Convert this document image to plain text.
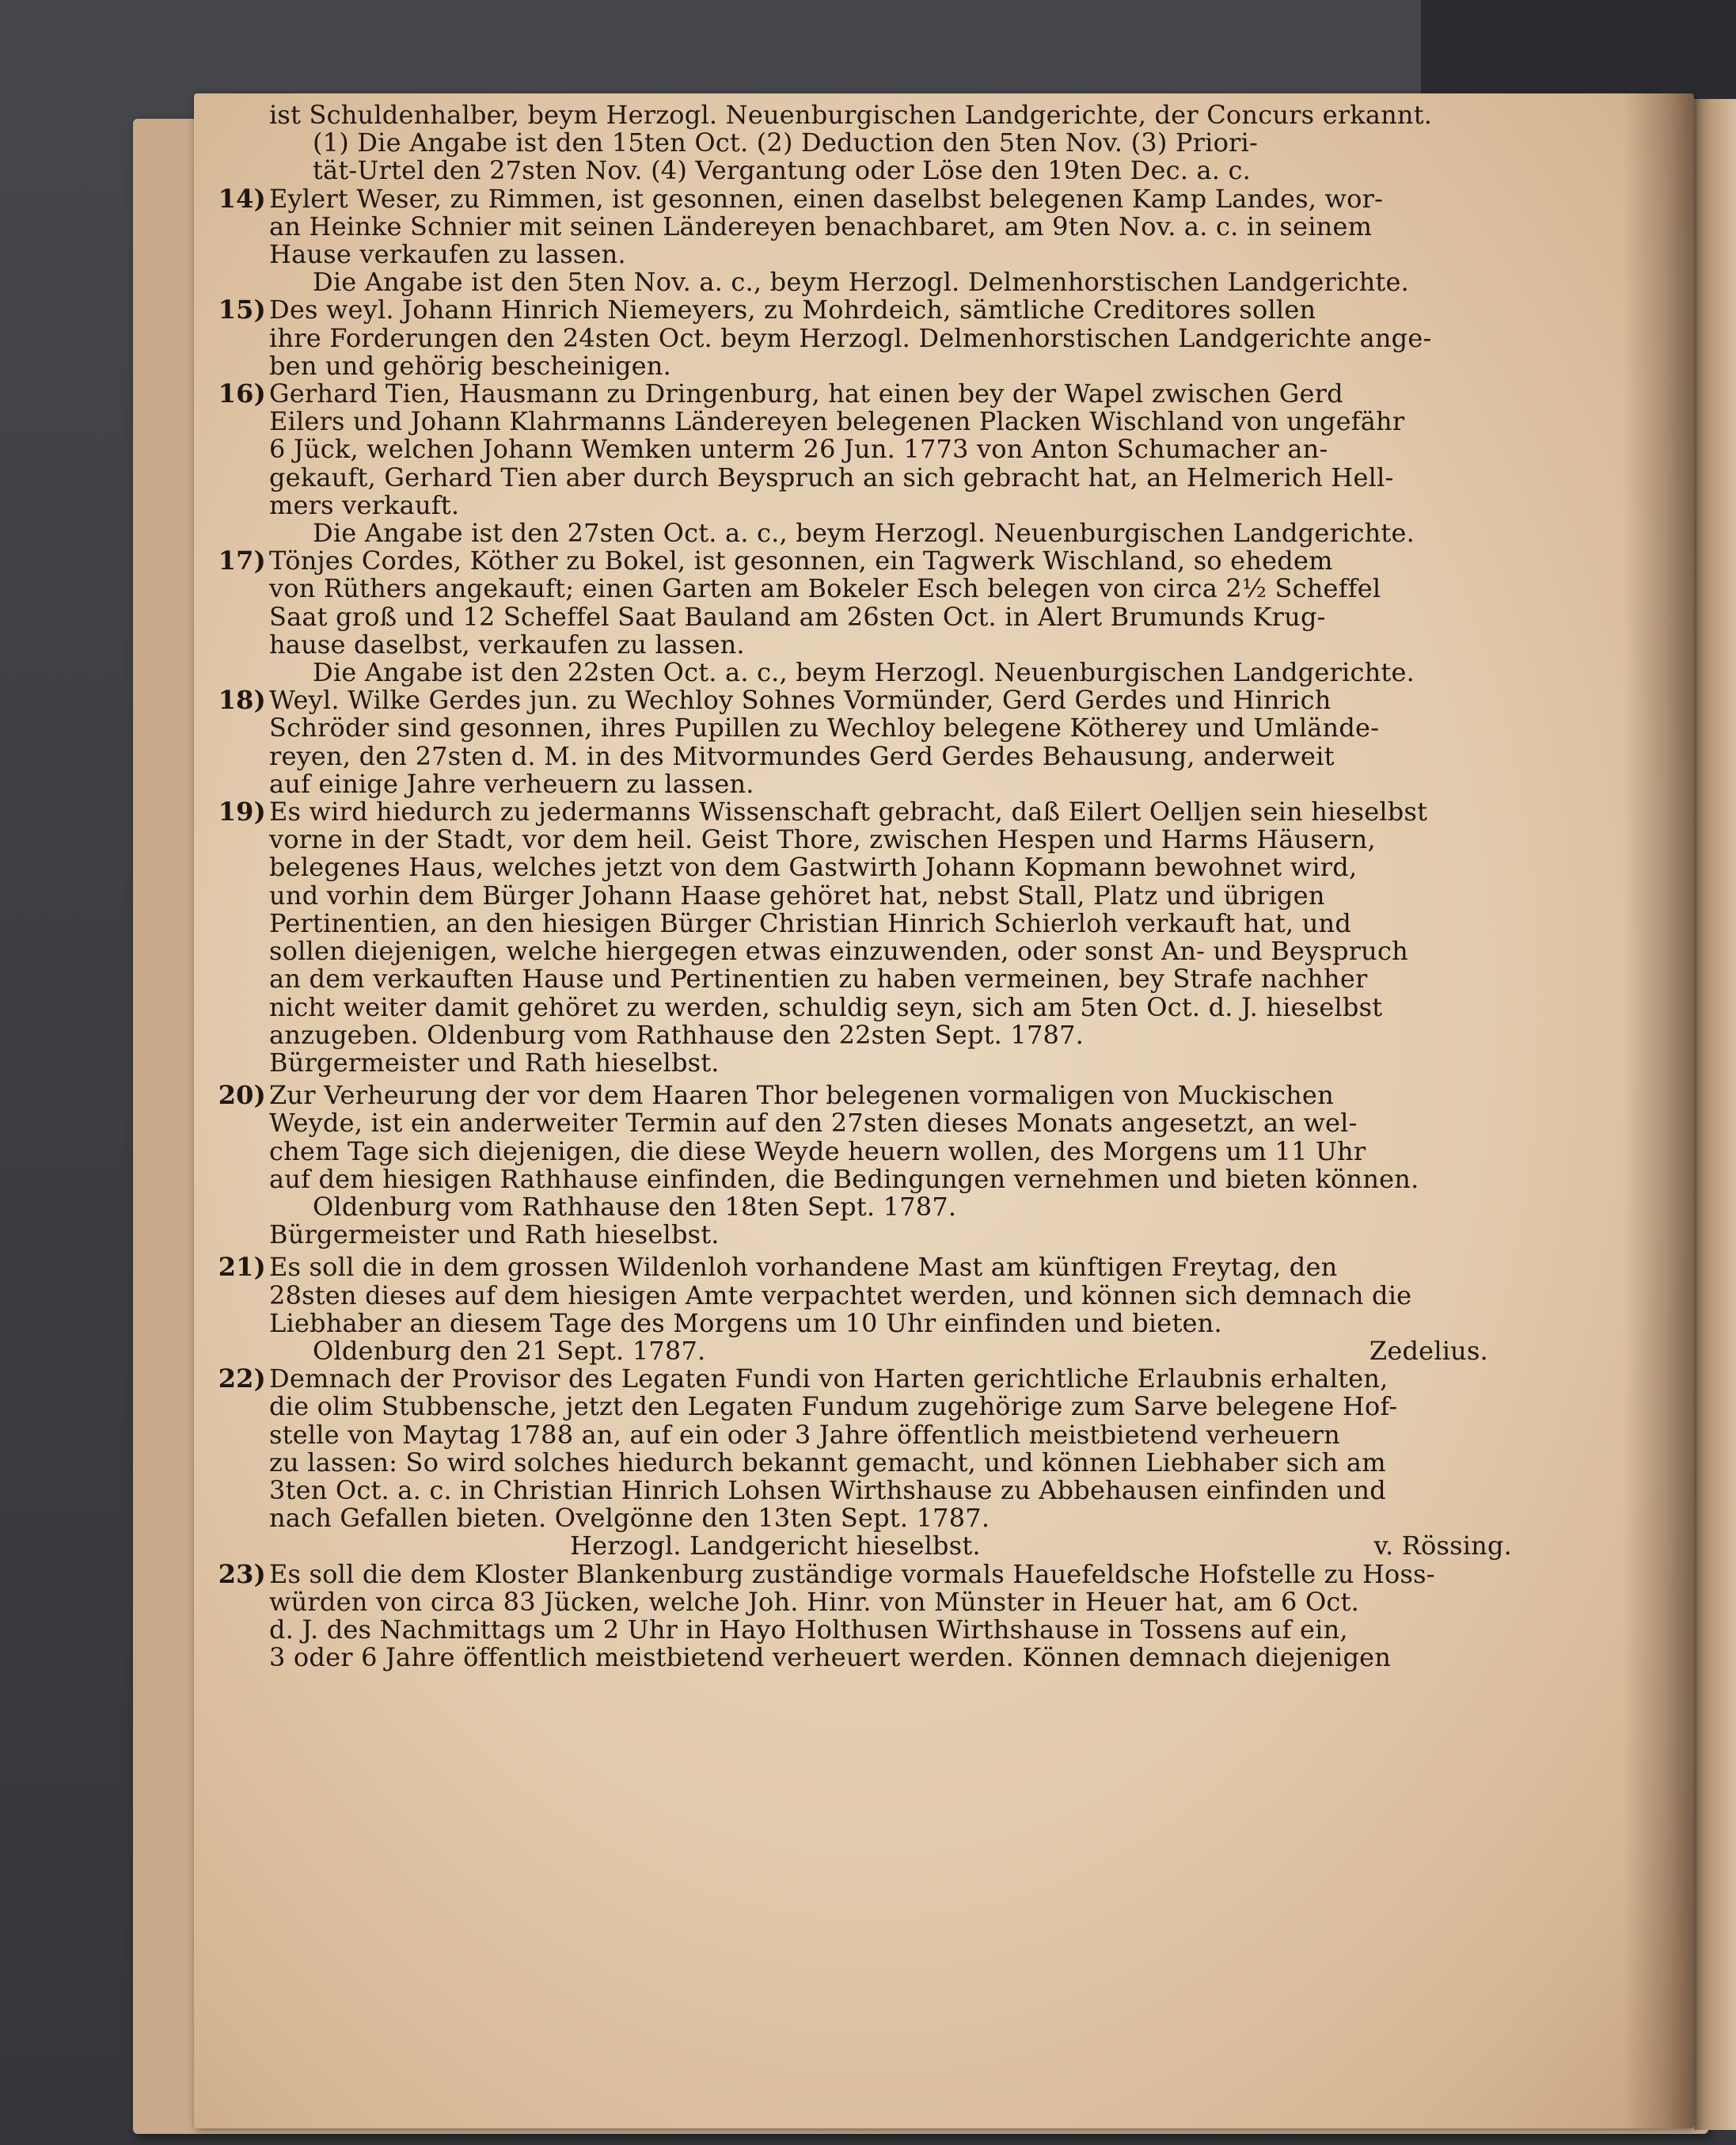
ist Schuldenhalber, beym Herzogl. Neuenburgischen Landgerichte, der Concurs erkannt.

(1) Die Angabe ist den 15ten Oct. (2) Deduction den 5ten Nov. (3) Priori-

tät-Urtel den 27sten Nov. (4) Vergantung oder Löse den 19ten Dec. a. c.

14) Eylert Weser, zu Rimmen, ist gesonnen, einen daselbst belegenen Kamp Landes, wor-

an Heinke Schnier mit seinen Ländereyen benachbaret, am 9ten Nov. a. c. in seinem

Hause verkaufen zu lassen.

Die Angabe ist den 5ten Nov. a. c., beym Herzogl. Delmenhorstischen Landgerichte.

15) Des weyl. Johann Hinrich Niemeyers, zu Mohrdeich, sämtliche Creditores sollen

ihre Forderungen den 24sten Oct. beym Herzogl. Delmenhorstischen Landgerichte ange-

ben und gehörig bescheinigen.

16) Gerhard Tien, Hausmann zu Dringenburg, hat einen bey der Wapel zwischen Gerd

Eilers und Johann Klahrmanns Ländereyen belegenen Placken Wischland von ungefähr

6 Jück, welchen Johann Wemken unterm 26 Jun. 1773 von Anton Schumacher an-

gekauft, Gerhard Tien aber durch Beyspruch an sich gebracht hat, an Helmerich Hell-

mers verkauft.

Die Angabe ist den 27sten Oct. a. c., beym Herzogl. Neuenburgischen Landgerichte.

17) Tönjes Cordes, Köther zu Bokel, ist gesonnen, ein Tagwerk Wischland, so ehedem

von Rüthers angekauft; einen Garten am Bokeler Esch belegen von circa 2½ Scheffel

Saat groß und 12 Scheffel Saat Bauland am 26sten Oct. in Alert Brumunds Krug-

hause daselbst, verkaufen zu lassen.

Die Angabe ist den 22sten Oct. a. c., beym Herzogl. Neuenburgischen Landgerichte.

18) Weyl. Wilke Gerdes jun. zu Wechloy Sohnes Vormünder, Gerd Gerdes und Hinrich

Schröder sind gesonnen, ihres Pupillen zu Wechloy belegene Kötherey und Umlände-

reyen, den 27sten d. M. in des Mitvormundes Gerd Gerdes Behausung, anderweit

auf einige Jahre verheuern zu lassen.

19) Es wird hiedurch zu jedermanns Wissenschaft gebracht, daß Eilert Oelljen sein hieselbst

vorne in der Stadt, vor dem heil. Geist Thore, zwischen Hespen und Harms Häusern,

belegenes Haus, welches jetzt von dem Gastwirth Johann Kopmann bewohnet wird,

und vorhin dem Bürger Johann Haase gehöret hat, nebst Stall, Platz und übrigen

Pertinentien, an den hiesigen Bürger Christian Hinrich Schierloh verkauft hat, und

sollen diejenigen, welche hiergegen etwas einzuwenden, oder sonst An- und Beyspruch

an dem verkauften Hause und Pertinentien zu haben vermeinen, bey Strafe nachher

nicht weiter damit gehöret zu werden, schuldig seyn, sich am 5ten Oct. d. J. hieselbst

anzugeben. Oldenburg vom Rathhause den 22sten Sept. 1787.

Bürgermeister und Rath hieselbst.

20) Zur Verheurung der vor dem Haaren Thor belegenen vormaligen von Muckischen

Weyde, ist ein anderweiter Termin auf den 27sten dieses Monats angesetzt, an wel-

chem Tage sich diejenigen, die diese Weyde heuern wollen, des Morgens um 11 Uhr

auf dem hiesigen Rathhause einfinden, die Bedingungen vernehmen und bieten können.

Oldenburg vom Rathhause den 18ten Sept. 1787.

Bürgermeister und Rath hieselbst.

21) Es soll die in dem grossen Wildenloh vorhandene Mast am künftigen Freytag, den

28sten dieses auf dem hiesigen Amte verpachtet werden, und können sich demnach die

Liebhaber an diesem Tage des Morgens um 10 Uhr einfinden und bieten.

Oldenburg den 21 Sept. 1787.	Zedelius.
22) Demnach der Provisor des Legaten Fundi von Harten gerichtliche Erlaubnis erhalten,

die olim Stubbensche, jetzt den Legaten Fundum zugehörige zum Sarve belegene Hof-

stelle von Maytag 1788 an, auf ein oder 3 Jahre öffentlich meistbietend verheuern

zu lassen: So wird solches hiedurch bekannt gemacht, und können Liebhaber sich am

3ten Oct. a. c. in Christian Hinrich Lohsen Wirthshause zu Abbehausen einfinden und

nach Gefallen bieten. Ovelgönne den 13ten Sept. 1787.

Herzogl. Landgericht hieselbst.	v. Rössing.
23) Es soll die dem Kloster Blankenburg zuständige vormals Hauefeldsche Hofstelle zu Hoss-

würden von circa 83 Jücken, welche Joh. Hinr. von Münster in Heuer hat, am 6 Oct.

d. J. des Nachmittags um 2 Uhr in Hayo Holthusen Wirthshause in Tossens auf ein,

3 oder 6 Jahre öffentlich meistbietend verheuert werden. Können demnach diejenigen
